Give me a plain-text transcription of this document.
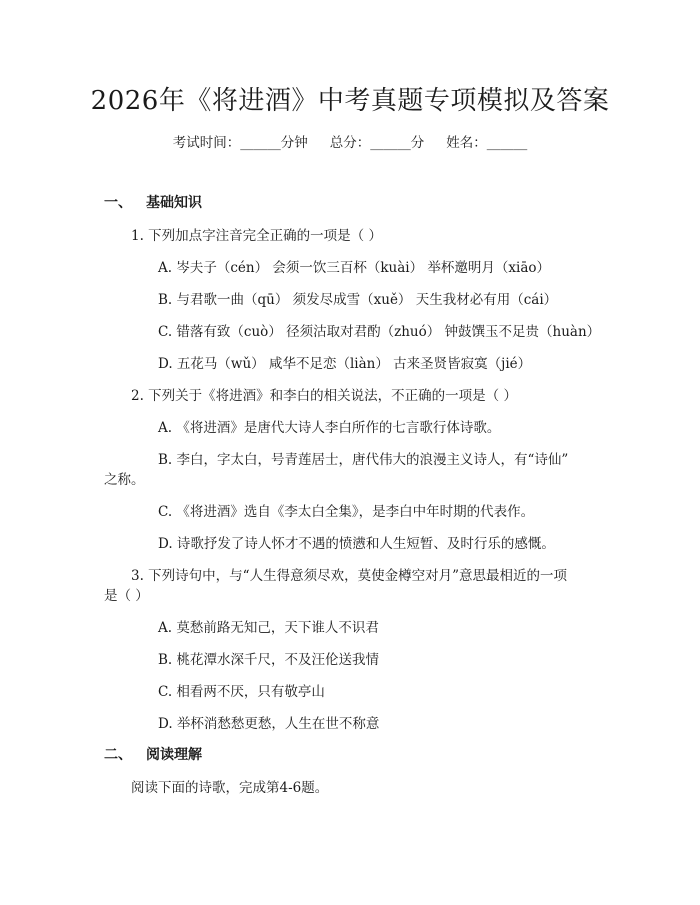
2026年《将进酒》中考真题专项模拟及答案
考试时间：______分钟 总分：______分 姓名：______
一、 基础知识
1. 下列加点字注音完全正确的一项是（ ）
A. 岑夫子（cén） 会须一饮三百杯（kuài） 举杯邀明月（xiāo）
B. 与君歌一曲（qū） 须发尽成雪（xuě） 天生我材必有用（cái）
C. 错落有致（cuò） 径须沽取对君酌（zhuó） 钟鼓馔玉不足贵（huàn）
D. 五花马（wǔ） 咸华不足恋（liàn） 古来圣贤皆寂寞（jié）
2. 下列关于《将进酒》和李白的相关说法，不正确的一项是（ ）
A. 《将进酒》是唐代大诗人李白所作的七言歌行体诗歌。
B. 李白，字太白，号青莲居士，唐代伟大的浪漫主义诗人，有“诗仙”
之称。
C. 《将进酒》选自《李太白全集》，是李白中年时期的代表作。
D. 诗歌抒发了诗人怀才不遇的愤懑和人生短暂、及时行乐的感慨。
3. 下列诗句中，与“人生得意须尽欢，莫使金樽空对月”意思最相近的一项
是（ ）
A. 莫愁前路无知己，天下谁人不识君
B. 桃花潭水深千尺，不及汪伦送我情
C. 相看两不厌，只有敬亭山
D. 举杯消愁愁更愁，人生在世不称意
二、 阅读理解
阅读下面的诗歌，完成第4-6题。
